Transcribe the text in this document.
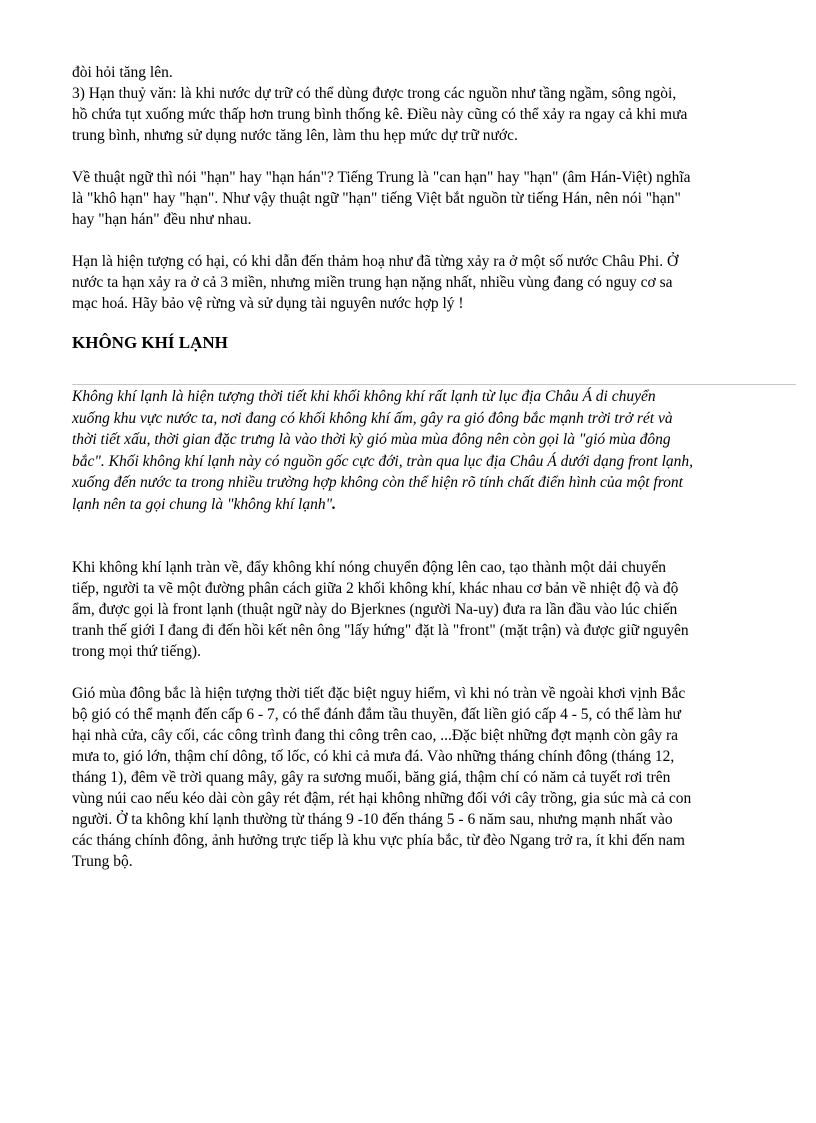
đòi hỏi tăng lên.
3) Hạn thuỷ văn: là khi nước dự trữ có thể dùng được trong các nguồn như tầng ngầm, sông ngòi,
hồ chứa tụt xuống mức thấp hơn trung bình thống kê. Điều này cũng có thể xảy ra ngay cả khi mưa
trung bình, nhưng sử dụng nước tăng lên, làm thu hẹp mức dự trữ nước.

Về thuật ngữ thì nói "hạn" hay "hạn hán"? Tiếng Trung là "can hạn" hay "hạn" (âm Hán-Việt) nghĩa
là "khô hạn" hay "hạn". Như vậy thuật ngữ "hạn" tiếng Việt bắt nguồn từ tiếng Hán, nên nói "hạn"
hay "hạn hán" đều như nhau.

Hạn là hiện tượng có hại, có khi dẫn đến thảm hoạ như đã từng xảy ra ở một số nước Châu Phi. Ở
nước ta hạn xảy ra ở cả 3 miền, nhưng miền trung hạn nặng nhất, nhiều vùng đang có nguy cơ sa
mạc hoá. Hãy bảo vệ rừng và sử dụng tài nguyên nước hợp lý !

KHÔNG KHÍ LẠNH

Không khí lạnh là hiện tượng thời tiết khi khối không khí rất lạnh từ lục địa Châu Á di chuyển
xuống khu vực nước ta, nơi đang có khối không khí ấm, gây ra gió đông bắc mạnh trời trở rét và
thời tiết xấu, thời gian đặc trưng là vào thời kỳ gió mùa mùa đông nên còn gọi là "gió mùa đông
bắc". Khối không khí lạnh này có nguồn gốc cực đới, tràn qua lục địa Châu Á dưới dạng front lạnh,
xuống đến nước ta trong nhiều trường hợp không còn thể hiện rõ tính chất điển hình của một front
lạnh nên ta gọi chung là "không khí lạnh".

Khi không khí lạnh tràn về, đẩy không khí nóng chuyển động lên cao, tạo thành một dải chuyển
tiếp, người ta vẽ một đường phân cách giữa 2 khối không khí, khác nhau cơ bản về nhiệt độ và độ
ẩm, được gọi là front lạnh (thuật ngữ này do Bjerknes (người Na-uy) đưa ra lần đầu vào lúc chiến
tranh thế giới I đang đi đến hồi kết nên ông "lấy hứng" đặt là "front" (mặt trận) và được giữ nguyên
trong mọi thứ tiếng).

Gió mùa đông bắc là hiện tượng thời tiết đặc biệt nguy hiểm, vì khi nó tràn về ngoài khơi vịnh Bắc
bộ gió có thể mạnh đến cấp 6 - 7, có thể đánh đắm tầu thuyền, đất liền gió cấp 4 - 5, có thể làm hư
hại nhà cửa, cây cối, các công trình đang thi công trên cao, ...Đặc biệt những đợt mạnh còn gây ra
mưa to, gió lớn, thậm chí dông, tố lốc, có khi cả mưa đá. Vào những tháng chính đông (tháng 12,
tháng 1), đêm về trời quang mây, gây ra sương muối, băng giá, thậm chí có năm cả tuyết rơi trên
vùng núi cao nếu kéo dài còn gây rét đậm, rét hại không những đối với cây trồng, gia súc mà cả con
người. Ở ta không khí lạnh thường từ tháng 9 -10 đến tháng 5 - 6 năm sau, nhưng mạnh nhất vào
các tháng chính đông, ảnh hưởng trực tiếp là khu vực phía bắc, từ đèo Ngang trở ra, ít khi đến nam
Trung bộ.
